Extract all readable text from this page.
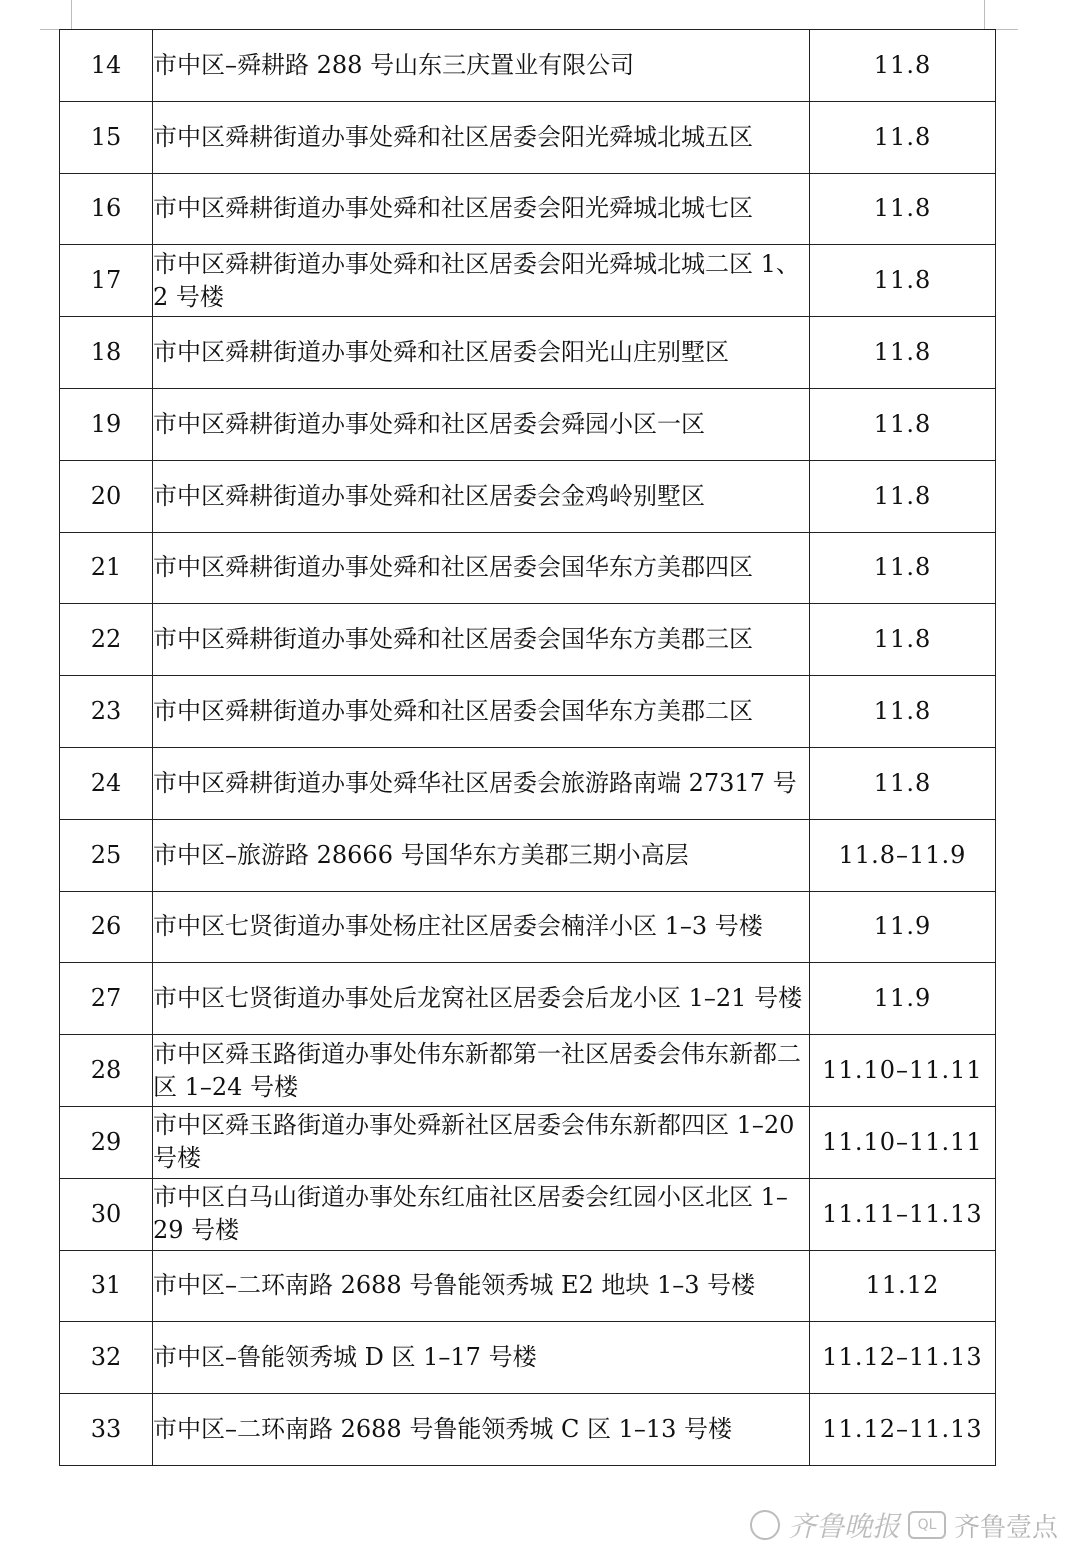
14	市中区–舜耕路 288 号山东三庆置业有限公司	11.8
15	市中区舜耕街道办事处舜和社区居委会阳光舜城北城五区	11.8
16	市中区舜耕街道办事处舜和社区居委会阳光舜城北城七区	11.8
17	市中区舜耕街道办事处舜和社区居委会阳光舜城北城二区 1、2 号楼	11.8
18	市中区舜耕街道办事处舜和社区居委会阳光山庄别墅区	11.8
19	市中区舜耕街道办事处舜和社区居委会舜园小区一区	11.8
20	市中区舜耕街道办事处舜和社区居委会金鸡岭别墅区	11.8
21	市中区舜耕街道办事处舜和社区居委会国华东方美郡四区	11.8
22	市中区舜耕街道办事处舜和社区居委会国华东方美郡三区	11.8
23	市中区舜耕街道办事处舜和社区居委会国华东方美郡二区	11.8
24	市中区舜耕街道办事处舜华社区居委会旅游路南端 27317 号	11.8
25	市中区–旅游路 28666 号国华东方美郡三期小高层	11.8–11.9
26	市中区七贤街道办事处杨庄社区居委会楠洋小区 1–3 号楼	11.9
27	市中区七贤街道办事处后龙窝社区居委会后龙小区 1–21 号楼	11.9
28	市中区舜玉路街道办事处伟东新都第一社区居委会伟东新都二区 1–24 号楼	11.10–11.11
29	市中区舜玉路街道办事处舜新社区居委会伟东新都四区 1–20 号楼	11.10–11.11
30	市中区白马山街道办事处东红庙社区居委会红园小区北区 1–29 号楼	11.11–11.13
31	市中区–二环南路 2688 号鲁能领秀城 E2 地块 1–3 号楼	11.12
32	市中区–鲁能领秀城 D 区 1–17 号楼	11.12–11.13
33	市中区–二环南路 2688 号鲁能领秀城 C 区 1–13 号楼	11.12–11.13
齐鲁晚报	QL 齐鲁壹点
